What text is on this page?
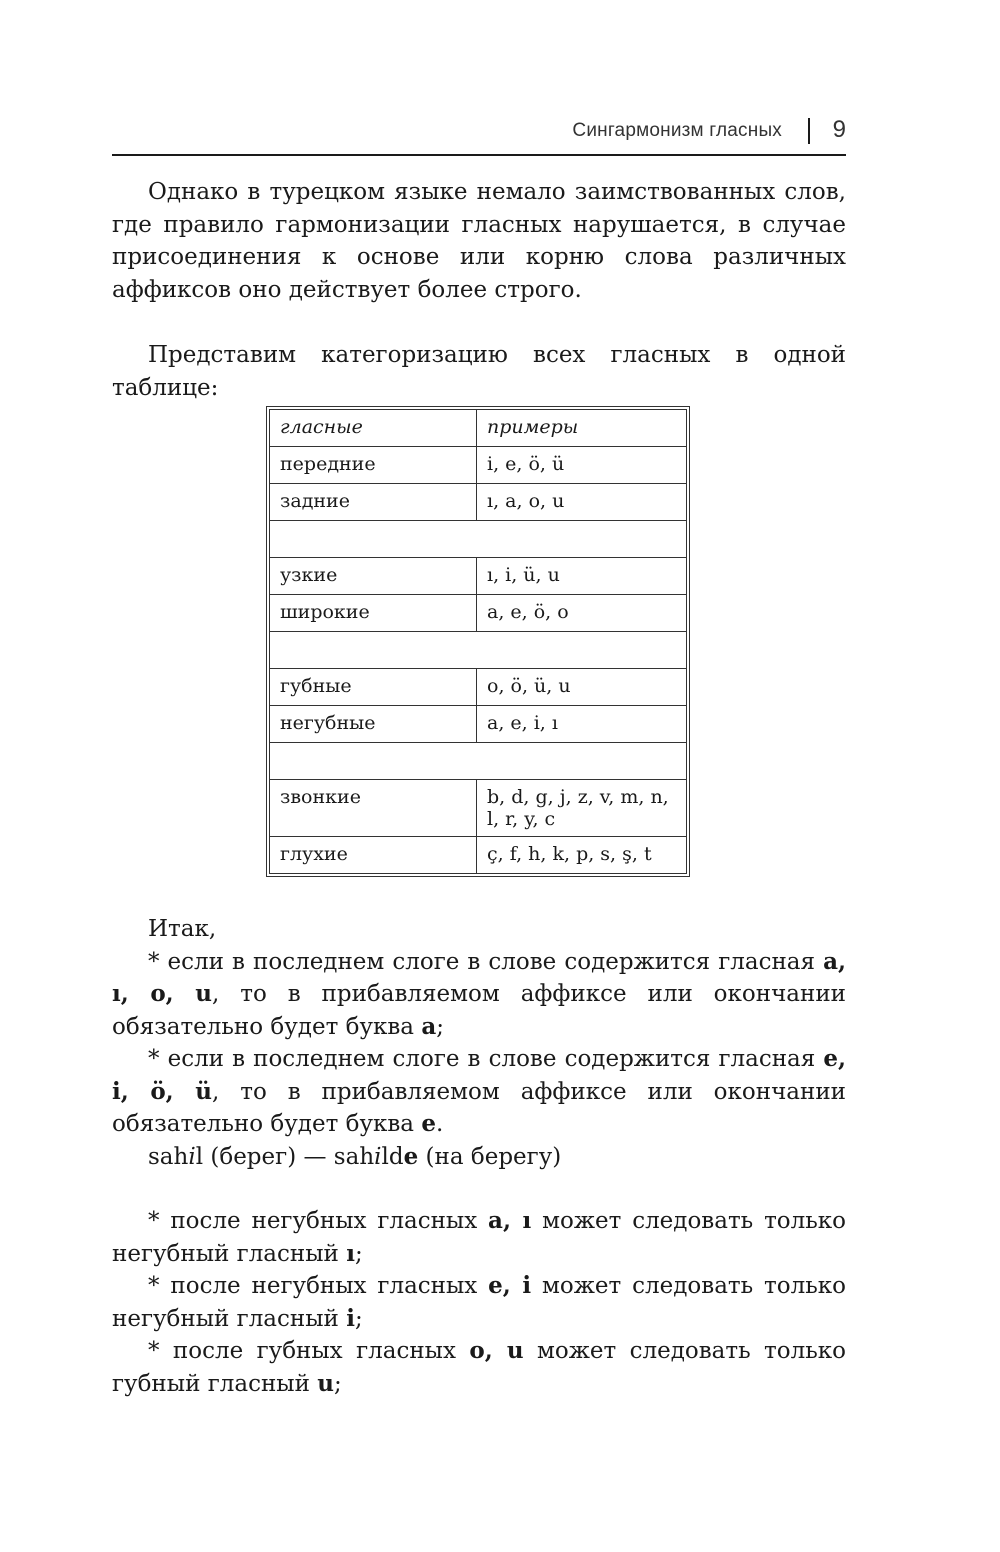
Сингармонизм гласных 9

Однако в турецком языке немало заимствованных слов, где правило гармонизации гласных нарушается, в случае присоединения к основе или корню слова различных аффиксов оно действует более строго.

Представим категоризацию всех гласных в одной таблице:

гласные	примеры
передние	i, e, ö, ü
задние	ı, a, o, u

узкие	ı, i, ü, u
широкие	a, e, ö, o

губные	o, ö, ü, u
негубные	a, e, i, ı

звонкие	b, d, g, j, z, v, m, n, l, r, y, c
глухие	ç, f, h, k, p, s, ş, t

Итак,

* если в последнем слоге в слове содержится гласная a, ı, o, u, то в прибавляемом аффиксе или окончании обязательно будет буква a;

* если в последнем слоге в слове содержится гласная e, i, ö, ü, то в прибавляемом аффиксе или окончании обязательно будет буква e.

sahil (берег) — sahilde (на берегу)

* после негубных гласных a, ı может следовать только негубный гласный ı;

* после негубных гласных e, i может следовать только негубный гласный i;

* после губных гласных o, u может следовать только губный гласный u;
